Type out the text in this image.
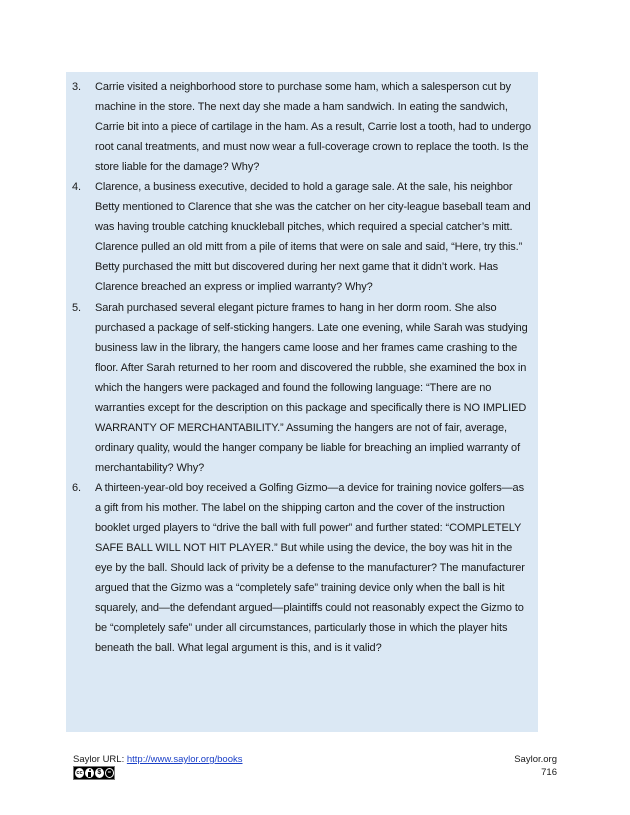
3. Carrie visited a neighborhood store to purchase some ham, which a salesperson cut by machine in the store. The next day she made a ham sandwich. In eating the sandwich, Carrie bit into a piece of cartilage in the ham. As a result, Carrie lost a tooth, had to undergo root canal treatments, and must now wear a full-coverage crown to replace the tooth. Is the store liable for the damage? Why?
4. Clarence, a business executive, decided to hold a garage sale. At the sale, his neighbor Betty mentioned to Clarence that she was the catcher on her city-league baseball team and was having trouble catching knuckleball pitches, which required a special catcher’s mitt. Clarence pulled an old mitt from a pile of items that were on sale and said, “Here, try this.” Betty purchased the mitt but discovered during her next game that it didn’t work. Has Clarence breached an express or implied warranty? Why?
5. Sarah purchased several elegant picture frames to hang in her dorm room. She also purchased a package of self-sticking hangers. Late one evening, while Sarah was studying business law in the library, the hangers came loose and her frames came crashing to the floor. After Sarah returned to her room and discovered the rubble, she examined the box in which the hangers were packaged and found the following language: “There are no warranties except for the description on this package and specifically there is NO IMPLIED WARRANTY OF MERCHANTABILITY.” Assuming the hangers are not of fair, average, ordinary quality, would the hanger company be liable for breaching an implied warranty of merchantability? Why?
6. A thirteen-year-old boy received a Golfing Gizmo—a device for training novice golfers—as a gift from his mother. The label on the shipping carton and the cover of the instruction booklet urged players to “drive the ball with full power” and further stated: “COMPLETELY SAFE BALL WILL NOT HIT PLAYER.” But while using the device, the boy was hit in the eye by the ball. Should lack of privity be a defense to the manufacturer? The manufacturer argued that the Gizmo was a “completely safe” training device only when the ball is hit squarely, and—the defendant argued—plaintiffs could not reasonably expect the Gizmo to be “completely safe” under all circumstances, particularly those in which the player hits beneath the ball. What legal argument is this, and is it valid?
Saylor URL: http://www.saylor.org/books
cc	$	=
Saylor.org
716
